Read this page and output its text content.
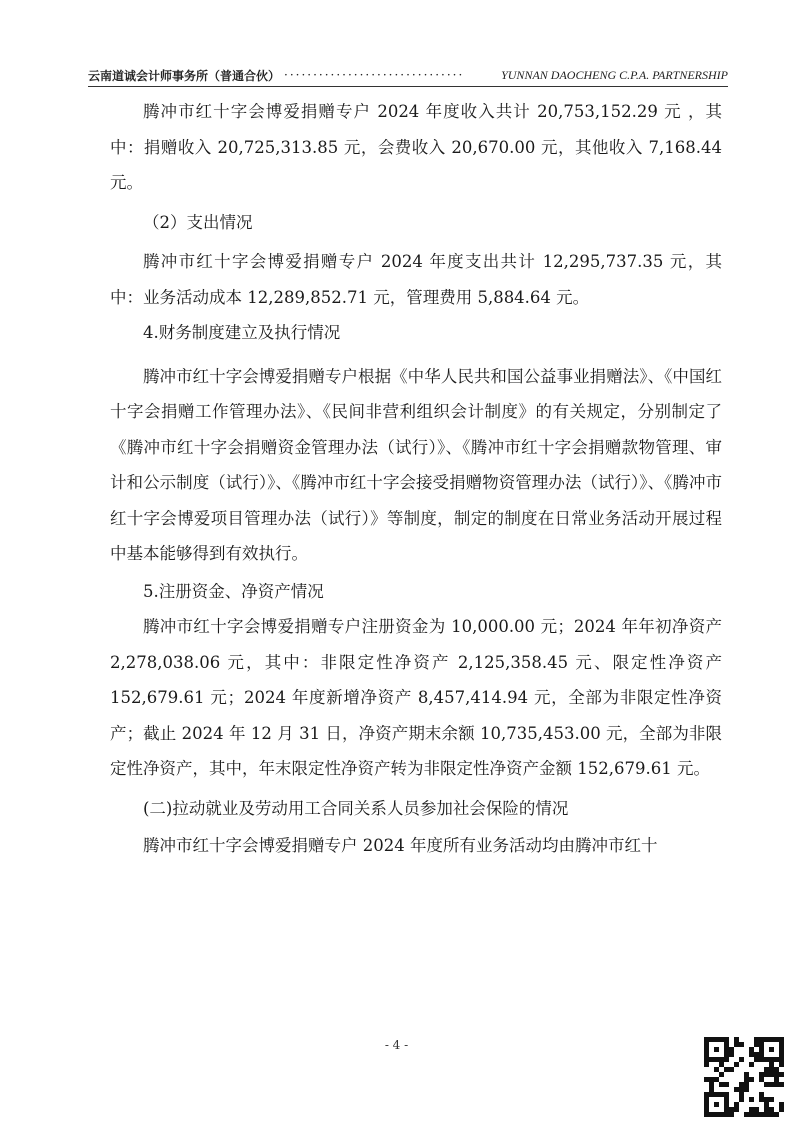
云南道诚会计师事务所（普通合伙） ·······························	YUNNAN DAOCHENG C.P.A. PARTNERSHIP

腾冲市红十字会博爱捐赠专户 2024 年度收入共计 20,753,152.29 元 ，其中：捐赠收入 20,725,313.85 元，会费收入 20,670.00 元，其他收入 7,168.44 元。

（2）支出情况

腾冲市红十字会博爱捐赠专户 2024 年度支出共计 12,295,737.35 元，其中：业务活动成本 12,289,852.71 元，管理费用 5,884.64 元。

4.财务制度建立及执行情况

腾冲市红十字会博爱捐赠专户根据《中华人民共和国公益事业捐赠法》、《中国红十字会捐赠工作管理办法》、《民间非营利组织会计制度》的有关规定，分别制定了《腾冲市红十字会捐赠资金管理办法（试行）》、《腾冲市红十字会捐赠款物管理、审计和公示制度（试行）》、《腾冲市红十字会接受捐赠物资管理办法（试行）》、《腾冲市红十字会博爱项目管理办法（试行）》等制度，制定的制度在日常业务活动开展过程中基本能够得到有效执行。

5.注册资金、净资产情况

腾冲市红十字会博爱捐赠专户注册资金为 10,000.00 元；2024 年年初净资产 2,278,038.06 元，其中：非限定性净资产 2,125,358.45 元、限定性净资产 152,679.61 元；2024 年度新增净资产 8,457,414.94 元，全部为非限定性净资产；截止 2024 年 12 月 31 日，净资产期末余额 10,735,453.00 元，全部为非限定性净资产，其中，年末限定性净资产转为非限定性净资产金额 152,679.61 元。

(二)拉动就业及劳动用工合同关系人员参加社会保险的情况

腾冲市红十字会博爱捐赠专户 2024 年度所有业务活动均由腾冲市红十

- 4 -
